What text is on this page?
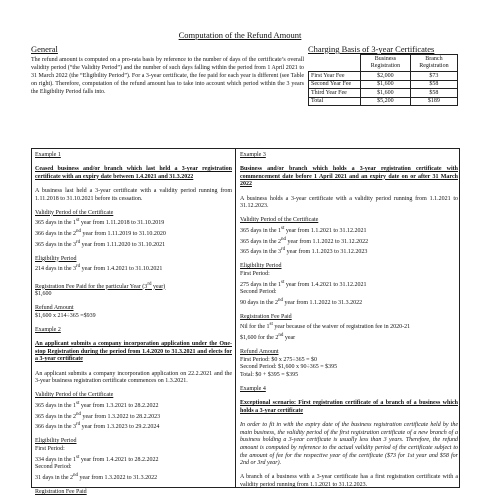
Computation of the Refund Amount
General
The refund amount is computed on a pro-rata basis by reference to the number of days of the certificate’s overall validity period (“the Validity Period”) and the number of such days falling within the period from 1 April 2021 to 31 March 2022 (the “Eligibility Period”). For a 3-year certificate, the fee paid for each year is different (see Table on right). Therefore, computation of the refund amount has to take into account which period within the 3 years the Eligibility Period falls into.
Charging Basis of 3-year Certificates
	Business Registration	Branch Registration
First Year Fee	$2,000	$73
Second Year Fee	$1,600	$58
Third Year Fee	$1,600	$58
Total	$5,200	$189

Example 1

Ceased business and/or branch which last held a 3-year registration certificate with an expiry date between 1.4.2021 and 31.3.2022

A business last held a 3-year certificate with a validity period running from 1.11.2018 to 31.10.2021 before its cessation.

Validity Period of the Certificate
365 days in the 1st year from 1.11.2018 to 31.10.2019
366 days in the 2nd year from 1.11.2019 to 31.10.2020

365 days in the 3rd year from 1.11.2020 to 31.10.2021

Eligibility Period

214 days in the 3rd year from 1.4.2021 to 31.10.2021

Registration Fee Paid for the particular Year (3rd year)

$1,600

Refund Amount

$1,600 x 214÷365 =$939

Example 2

An applicant submits a company incorporation application under the One-stop Registration during the period from 1.4.2020 to 31.3.2021 and elects for a 3-year certificate

An applicant submits a company incorporation application on 22.2.2021 and the 3-year business registration certificate commences on 1.3.2021.

Validity Period of the Certificate
365 days in the 1st year from 1.3.2021 to 28.2.2022
365 days in the 2nd year from 1.3.2022 to 28.2.2023

366 days in the 3rd year from 1.3.2023 to 29.2.2024

Eligibility Period
First Period:
334 days in the 1st year from 1.4.2021 to 28.2.2022
Second Period:

31 days in the 2nd year from 1.3.2022 to 31.3.2022

Registration Fee Paid

Example 3

Business and/or branch which holds a 3-year registration certificate with commencement date before 1 April 2021 and an expiry date on or after 31 March 2022

A business holds a 3-year certificate with a validity period running from 1.1.2021 to 31.12.2023.

Validity Period of the Certificate
365 days in the 1st year from 1.1.2021 to 31.12.2021
365 days in the 2nd year from 1.1.2022 to 31.12.2022

365 days in the 3rd year from 1.1.2023 to 31.12.2023

Eligibility Period
First Period:
275 days in the 1st year from 1.4.2021 to 31.12.2021
Second Period:

90 days in the 2nd year from 1.1.2022 to 31.3.2022

Registration Fee Paid
Nil for the 1st year because of the waiver of registration fee in 2020-21

$1,600 for the 2nd year

Refund Amount
First Period: $0 x 275÷365 = $0
Second Period: $1,600 x 90÷365 = $395

Total: $0 + $395 = $395

Example 4

Exceptional scenario: First registration certificate of a branch of a business which holds a 3-year certificate

In order to fit in with the expiry date of the business registration certificate held by the main business, the validity period of the first registration certificate of a new branch of a business holding a 3-year certificate is usually less than 3 years. Therefore, the refund amount is computed by reference to the actual validity period of the certificate subject to the amount of fee for the respective year of the certificate ($73 for 1st year and $58 for 2nd or 3rd year).

A branch of a business with a 3-year certificate has a first registration certificate with a validity period running from 1.1.2021 to 31.12.2023.
